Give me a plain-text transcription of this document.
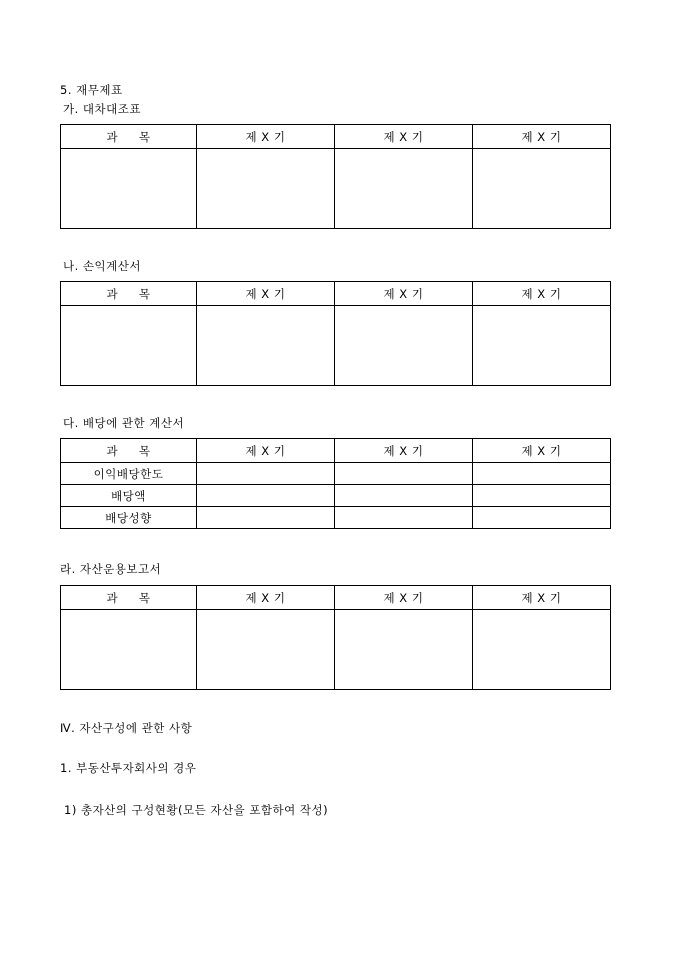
5. 재무제표
가. 대차대조표
과     목	제 X 기	제 X 기	제 X 기

나. 손익계산서
과     목	제 X 기	제 X 기	제 X 기

다. 배당에 관한 계산서
과     목	제 X 기	제 X 기	제 X 기
이익배당한도			
배당액			
배당성향			
라. 자산운용보고서
과     목	제 X 기	제 X 기	제 X 기

Ⅳ. 자산구성에 관한 사항
1. 부동산투자회사의 경우
1) 총자산의 구성현황(모든 자산을 포함하여 작성)
